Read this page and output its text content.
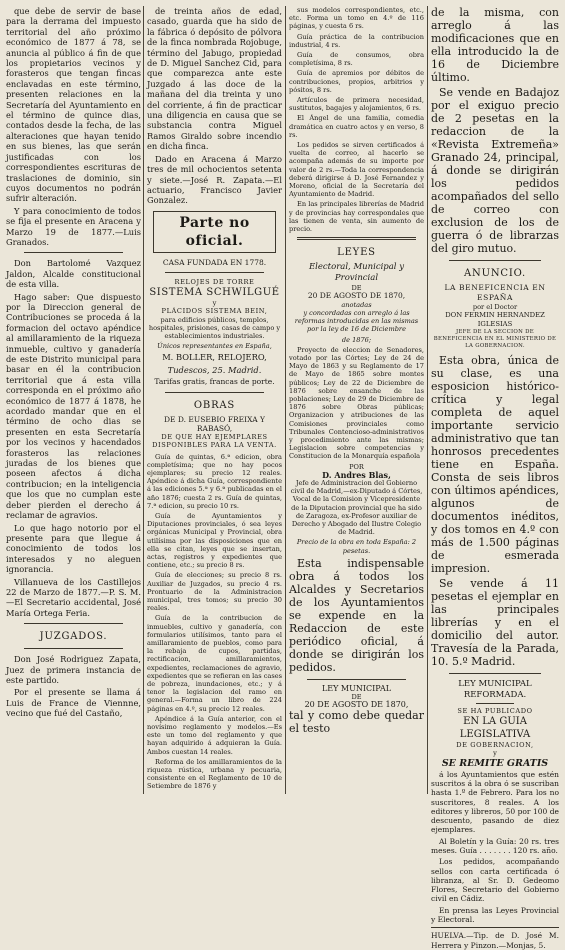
que debe de servir de base para la derrama del impuesto territorial del año próximo económico de 1877 á 78, se anuncia al público á fin de que los propietarios vecinos y forasteros que tengan fincas enclavadas en este término, presenten relaciones en la Secretaría del Ayuntamiento en el término de quince dias, contados desde la fecha, de las alteraciones que hayan tenido en sus bienes, las que serán justificadas con los correspondientes escrituras de traslaciones de dominio, sin cuyos documentos no podrán sufrir alteración.

Y para conocimiento de todos se fija el presente en Aracena y Marzo 19 de 1877.—Luis Granados.

Don Bartolomé Vazquez Jaldon, Alcalde constitucional de esta villa.

Hago saber: Que dispuesto por la Direccion general de Contribuciones se proceda á la formacion del octavo apéndice al amillaramiento de la riqueza inmueble, cultivo y ganadería de este Distrito municipal para basar en él la contribucion territorial que á esta villa corresponda en el próximo año económico de 1877 á 1878, he acordado mandar que en el término de ocho dias se presenten en esta Secretaría por los vecinos y hacendados forasteros las relaciones juradas de los bienes que poseen afectos á dicha contribucion; en la inteligencia que los que no cumplan este deber pierden el derecho á reclamar de agravios.

Lo que hago notorio por el presente para que llegue á conocimiento de todos los interesados y no aleguen ignorancia.

Villanueva de los Castillejos 22 de Marzo de 1877.—P. S. M.—El Secretario accidental, José María Ortega Feria.

JUZGADOS.

Don José Rodriguez Zapata, Juez de primera instancia de este partido.

Por el presente se llama á Luis de France de Viennne, vecino que fué del Castaño,

de treinta años de edad, casado, guarda que ha sido de la fábrica ó depósito de pólvora de la finca nombrada Rojobuge, término del Jabugo, propiedad de D. Miguel Sanchez Cid, para que comparezca ante este Juzgado á las doce de la mañana del dia treinta y uno del corriente, á fin de practicar una diligencia en causa que se substancia contra Miguel Ramos Giraldo sobre incendio en dicha finca.

Dado en Aracena á Marzo tres de mil ochocientos setenta y siete.—José R. Zapata.—El actuario, Francisco Javier Gonzalez.

Parte no oficial.
CASA FUNDADA EN 1778.
RELOJES DE TORRE
SISTEMA SCHWILGUÉ
y
PLÁCIDOS SISTEMA BEIN,

para edificios públicos, templos, hospitales, prisiones, casas de campo y establecimientos industriales.

Únicos representantes en España,

M. BOLLER, RELOJERO,

Tudescos, 25. Madrid.

Tarifas gratis, francas de porte.

OBRAS
DE D. EUSEBIO FREIXA Y RABASÓ,
DE QUE HAY EJEMPLARES DISPONIBLES PARA LA VENTA.

Guía de quintas, 6.ª edicion, obra completísima; que no hay pocos ejemplares; su precio 12 reales. Apéndice á dicha Guía, correspondiente á las ediciones 5.ª y 6.ª publicadas en el año 1876; cuesta 2 rs. Guía de quintas, 7.ª edicion, su precio 10 rs.

Guía de Ayuntamientos y Diputaciones provinciales, ó sea leyes orgánicas Municipal y Provincial, obra utilísima por las disposiciones que en ella se citan, leyes que se insertan, actas, registros y expedientes que contiene, etc.; su precio 8 rs.

Guía de elecciones; su precio 8 rs. Auxiliar de Juzgados, su precio 4 rs. Prontuario de la Administracion municipal, tres tomos; su precio 30 reales.

Guía de la contribucion de inmuebles, cultivo y ganadería, con formularios utilísimos, tanto para el amillaramiento de pueblos, como para la rebaja de cupos, partidas, rectificacion, amillaramientos, expedientes, reclamaciones de agravio, expedientes que se refieran en las cases de pobreza, inundaciones, etc.; y á tenor la legislacion del ramo en general.—Forma un libro de 224 páginas en 4.º, su precio 12 reales.

Apéndice á la Guía anterior, con el novísimo reglamento y modelos.—Es este un tomo del reglamento y que hayan adquirido á adquieran la Guía. Ambos cuestan 14 reales.

Reforma de los amillaramientos de la riqueza rústica, urbana y pecuaria, consistente en el Reglamento de 10 de Setiembre de 1876 y

sus modelos correspondientes, etc., etc. Forma un tomo en 4.º de 116 páginas, y cuesta 6 rs.

Guía práctica de la contribucion industrial, 4 rs.

Guía de consumos, obra completísima, 8 rs.

Guía de apremios por débitos de contribuciones, propios, arbitrios y pósitos, 8 rs.

Artículos de primera necesidad, sustitutos, bagajes y alojamientos, 6 rs.

El Ángel de una familia, comedia dramática en cuatro actos y en verso, 8 rs.

Los pedidos se sirven certificados á vuelta de correo, al hacerlo se acompaña además de su importe por valor de 2 rs.—Toda la correspondencia deberá dirigirse á D. José Fernandez y Moreno, oficial de la Secretaría del Ayuntamiento de Madrid.

En las principales librerías de Madrid y de provincias hay correspondales que las tienen de venta, sin aumento de precio.

LEYES
Electoral, Municipal y Provincial
DE
20 DE AGOSTO DE 1870,
anotadas

y concordadas con arreglo á las reformas introducidas en las mismas por la ley de 16 de Diciembre

de 1876;

Proyecto de eleccion de Senadores, votado por las Córtes; Ley de 24 de Mayo de 1863 y su Reglamento de 17 de Mayo de 1865 sobre montes públicos; Ley de 22 de Diciembre de 1876 sobre ensanche de las poblaciones; Ley de 29 de Diciembre de 1876 sobre Obras públicas; Organizacion y atribuciones de las Comisiones provinciales como Tribunales Contencioso-administrativos y procedimiento ante las mismas; Legislacion sobre competencias y Constitucion de la Monarquía española

POR
D. Andres Blas,

Jefe de Administracion del Gobierno civil de Madrid,—ex-Diputado á Córtes, Vocal de la Comision y Vicepresidente de la Diputacion provincial que ha sido de Zaragoza, ex-Profesor auxiliar de Derecho y Abogado del Ilustre Colegio de Madrid.

Precio de la obra en toda España: 2 pesetas.

Esta indispensable obra á todos los Alcaldes y Secretarios de los Ayuntamientos se expende en la Redaccion de este periódico oficial, á donde se dirigirán los pedidos.

LEY MUNICIPAL
DE
20 DE AGOSTO DE 1870,

tal y como debe quedar el testo

de la misma, con arreglo á las modificaciones que en ella introducido la de 16 de Diciembre último.

Se vende en Badajoz por el exiguo precio de 2 pesetas en la redaccion de la «Revista Extremeña» Granado 24, principal, á donde se dirigirán los pedidos acompañados del sello de correo con exclusion de los de guerra ó de librarzas del giro mutuo.

ANUNCIO.
LA BENEFICENCIA EN ESPAÑA
por el Doctor
DON FERMIN HERNANDEZ IGLESIAS
JEFE DE LA SECCION DE BENEFICENCIA EN EL MINISTERIO DE LA GOBERNACION.

Esta obra, única de su clase, es una esposicion histórico-crítica y legal completa de aquel importante servicio administrativo que tan honrosos precedentes tiene en España. Consta de seis libros con últimos apéndices, algunos de documentos inéditos, y dos tomos en 4.º con más de 1.500 páginas de esmerada impresion.

Se vende á 11 pesetas el ejemplar en las principales librerías y en el domicilio del autor. Travesía de la Parada, 10. 5.º Madrid.

LEY MUNICIPAL REFORMADA.
SE HA PUBLICADO
EN LA GUIA LEGISLATIVA
DE GOBERNACION,
y
SE REMITE GRATIS

á los Ayuntamientos que estén suscritos á la obra ó se suscriban hasta 1.º de Febrero. Para los no suscritores, 8 reales. A los editores y libreros, 50 por 100 de descuento, pasando de diez ejemplares.

Al Boletín y la Guía: 20 rs. tres meses. Guía . . . . . . . 120 rs. año.

Los pedidos, acompañando sellos con carta certificada ó libranza, al Sr. D. Gedeomo Flores, Secretario del Gobierno civil en Cádiz.

En prensa las Leyes Provincial y Electoral.

HUELVA.—Tip. de D. José M. Herrera y Pinzon.—Monjas, 5.
